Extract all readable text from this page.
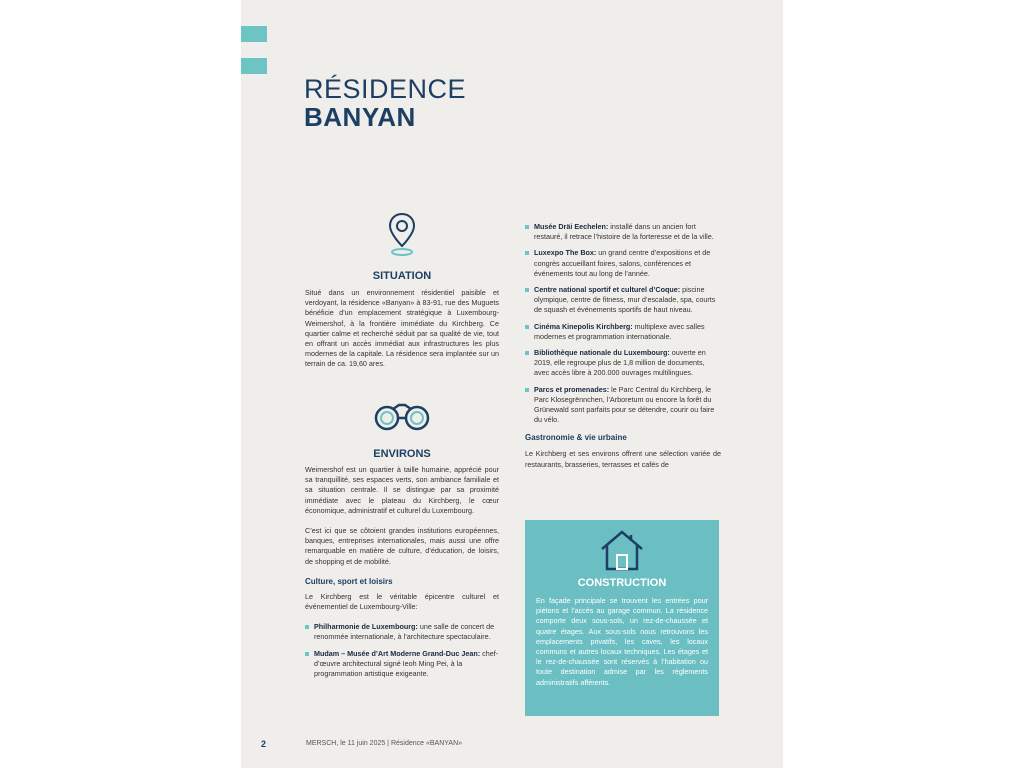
RÉSIDENCE
BANYAN
SITUATION

Situé dans un environnement résidentiel paisible et verdoyant, la résidence «Banyan» à 83-91, rue des Muguets bénéficie d’un emplacement stratégique à Luxembourg-Weimershof, à la frontière immédiate du Kirchberg. Ce quartier calme et recherché séduit par sa qualité de vie, tout en offrant un accès immédiat aux infrastructures les plus modernes de la capitale. La résidence sera implantée sur un terrain de ca. 19,60 ares.

ENVIRONS

Weimershof est un quartier à taille humaine, apprécié pour sa tranquillité, ses espaces verts, son ambiance familiale et sa situation centrale. Il se distingue par sa proximité immédiate avec le plateau du Kirchberg, le cœur économique, administratif et culturel du Luxembourg.

C’est ici que se côtoient grandes institutions européennes, banques, entreprises internationales, mais aussi une offre remarquable en matière de culture, d’éducation, de loisirs, de shopping et de mobilité.

Culture, sport et loisirs

Le Kirchberg est le véritable épicentre culturel et événementiel de Luxembourg-Ville:

Philharmonie de Luxembourg: une salle de concert de renommée internationale, à l’architecture spectaculaire.
Mudam – Musée d’Art Moderne Grand-Duc Jean: chef-d’œuvre architectural signé Ieoh Ming Pei, à la programmation artistique exigeante.
Musée Dräi Eechelen: installé dans un ancien fort restauré, il retrace l’histoire de la forteresse et de la ville.
Luxexpo The Box: un grand centre d’expositions et de congrès accueillant foires, salons, conférences et événements tout au long de l’année.
Centre national sportif et culturel d’Coque: piscine olympique, centre de fitness, mur d’escalade, spa, courts de squash et événements sportifs de haut niveau.
Cinéma Kinepolis Kirchberg: multiplexe avec salles modernes et programmation internationale.
Bibliothèque nationale du Luxembourg: ouverte en 2019, elle regroupe plus de 1,8 million de documents, avec accès libre à 200.000 ouvrages multilingues.
Parcs et promenades: le Parc Central du Kirchberg, le Parc Klosegrënnchen, l’Arboretum ou encore la forêt du Grünewald sont parfaits pour se détendre, courir ou faire du vélo.

Gastronomie & vie urbaine

Le Kirchberg et ses environs offrent une sélection variée de restaurants, brasseries, terrasses et cafés de

CONSTRUCTION

En façade principale se trouvent les entrées pour piétons et l’accès au garage commun. La résidence comporte deux sous-sols, un rez-de-chaussée et quatre étages. Aux sous-sols nous retrouvons les emplacements privatifs, les caves, les locaux communs et autres locaux techniques. Les étages et le rez-de-chaussée sont réservés à l’habitation ou toute destination admise par les règlements administratifs afférents.

2	MERSCH, le 11 juin 2025 | Résidence «BANYAN»
